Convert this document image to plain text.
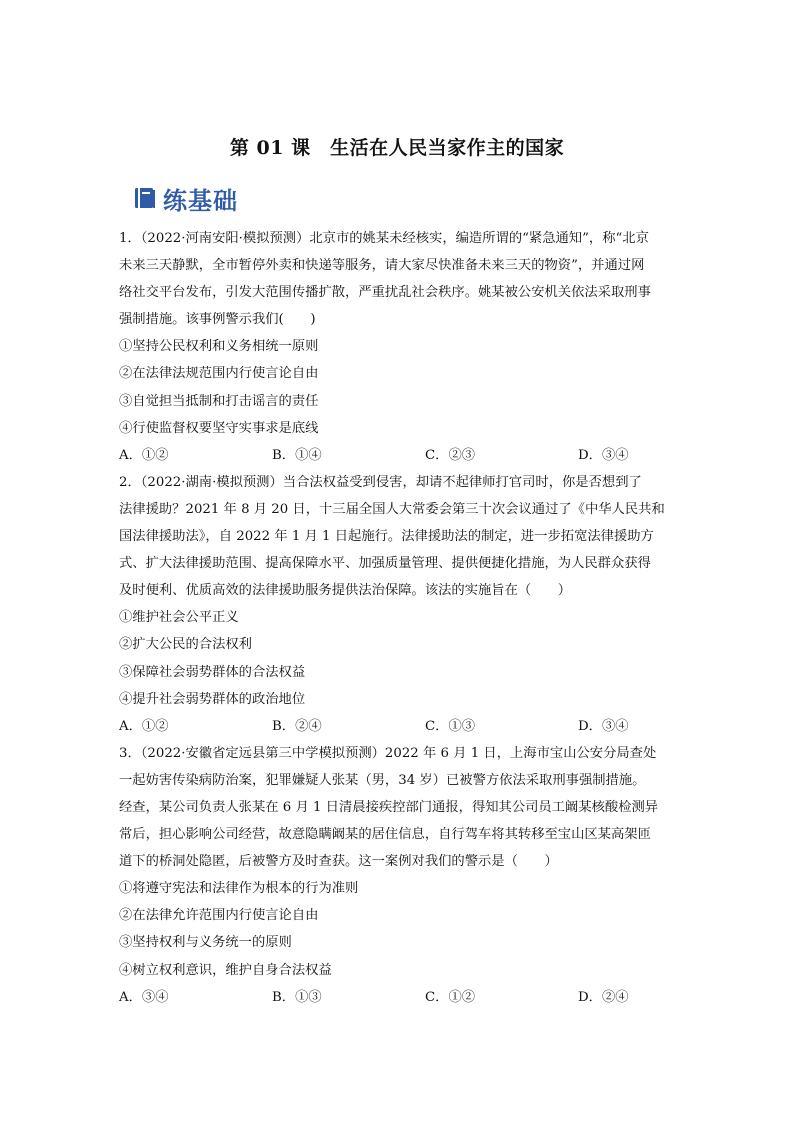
第 01 课　生活在人民当家作主的国家
练基础
1．（2022·河南安阳·模拟预测）北京市的姚某未经核实，编造所谓的“紧急通知”，称“北京
未来三天静默，全市暂停外卖和快递等服务，请大家尽快准备未来三天的物资”，并通过网
络社交平台发布，引发大范围传播扩散，严重扰乱社会秩序。姚某被公安机关依法采取刑事
强制措施。该事例警示我们(　　)
①坚持公民权利和义务相统一原则
②在法律法规范围内行使言论自由
③自觉担当抵制和打击谣言的责任
④行使监督权要坚守实事求是底线
A．①②	B．①④	C．②③	D．③④
2．（2022·湖南·模拟预测）当合法权益受到侵害，却请不起律师打官司时，你是否想到了
法律援助？2021 年 8 月 20 日，十三届全国人大常委会第三十次会议通过了《中华人民共和
国法律援助法》，自 2022 年 1 月 1 日起施行。法律援助法的制定，进一步拓宽法律援助方
式、扩大法律援助范围、提高保障水平、加强质量管理、提供便捷化措施，为人民群众获得
及时便利、优质高效的法律援助服务提供法治保障。该法的实施旨在（　　）
①维护社会公平正义
②扩大公民的合法权利
③保障社会弱势群体的合法权益
④提升社会弱势群体的政治地位
A．①②	B．②④	C．①③	D．③④
3．（2022·安徽省定远县第三中学模拟预测）2022 年 6 月 1 日，上海市宝山公安分局查处
一起妨害传染病防治案，犯罪嫌疑人张某（男，34 岁）已被警方依法采取刑事强制措施。
经查，某公司负责人张某在 6 月 1 日清晨接疾控部门通报，得知其公司员工阚某核酸检测异
常后，担心影响公司经营，故意隐瞒阚某的居住信息，自行驾车将其转移至宝山区某高架匝
道下的桥洞处隐匿，后被警方及时查获。这一案例对我们的警示是（　　）
①将遵守宪法和法律作为根本的行为准则
②在法律允许范围内行使言论自由
③坚持权利与义务统一的原则
④树立权利意识，维护自身合法权益
A．③④	B．①③	C．①②	D．②④
